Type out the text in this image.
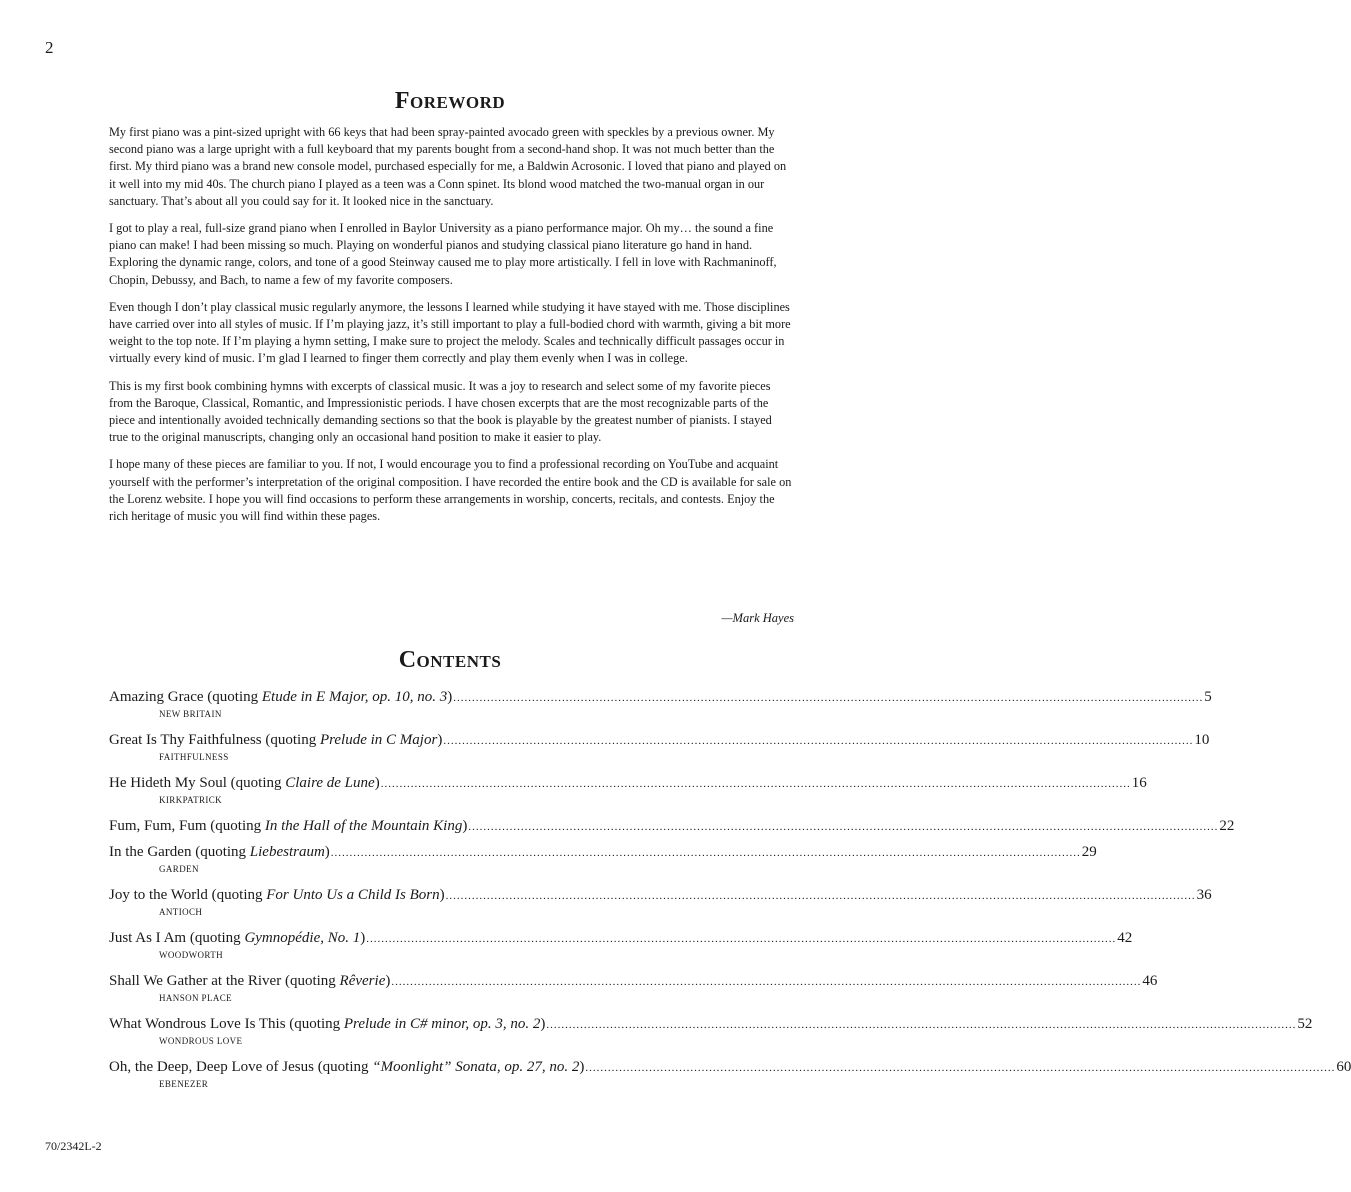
2
Foreword

My first piano was a pint-sized upright with 66 keys that had been spray-painted avocado green with speckles by a previous owner. My second piano was a large upright with a full keyboard that my parents bought from a second-hand shop. It was not much better than the first. My third piano was a brand new console model, purchased especially for me, a Baldwin Acrosonic. I loved that piano and played on it well into my mid 40s. The church piano I played as a teen was a Conn spinet. Its blond wood matched the two-manual organ in our sanctuary. That’s about all you could say for it. It looked nice in the sanctuary.

I got to play a real, full-size grand piano when I enrolled in Baylor University as a piano performance major. Oh my… the sound a fine piano can make! I had been missing so much. Playing on wonderful pianos and studying classical piano literature go hand in hand. Exploring the dynamic range, colors, and tone of a good Steinway caused me to play more artistically. I fell in love with Rachmaninoff, Chopin, Debussy, and Bach, to name a few of my favorite composers.

Even though I don’t play classical music regularly anymore, the lessons I learned while studying it have stayed with me. Those disciplines have carried over into all styles of music. If I’m playing jazz, it’s still important to play a full-bodied chord with warmth, giving a bit more weight to the top note. If I’m playing a hymn setting, I make sure to project the melody. Scales and technically difficult passages occur in virtually every kind of music. I’m glad I learned to finger them correctly and play them evenly when I was in college.

This is my first book combining hymns with excerpts of classical music. It was a joy to research and select some of my favorite pieces from the Baroque, Classical, Romantic, and Impressionistic periods. I have chosen excerpts that are the most recognizable parts of the piece and intentionally avoided technically demanding sections so that the book is playable by the greatest number of pianists. I stayed true to the original manuscripts, changing only an occasional hand position to make it easier to play.

I hope many of these pieces are familiar to you. If not, I would encourage you to find a professional recording on YouTube and acquaint yourself with the performer’s interpretation of the original composition. I have recorded the entire book and the CD is available for sale on the Lorenz website. I hope you will find occasions to perform these arrangements in worship, concerts, recitals, and contests. Enjoy the rich heritage of music you will find within these pages.

—Mark Hayes
Contents
Amazing Grace (quoting Etude in E Major, op. 10, no. 3) ........................................................................................................................................................................................................ 5
NEW BRITAIN
Great Is Thy Faithfulness (quoting Prelude in C Major) ........................................................................................................................................................................................................ 10
FAITHFULNESS
He Hideth My Soul (quoting Claire de Lune) ........................................................................................................................................................................................................ 16
KIRKPATRICK
Fum, Fum, Fum (quoting In the Hall of the Mountain King) ........................................................................................................................................................................................................ 22
In the Garden (quoting Liebestraum) ........................................................................................................................................................................................................ 29
GARDEN
Joy to the World (quoting For Unto Us a Child Is Born) ........................................................................................................................................................................................................ 36
ANTIOCH
Just As I Am (quoting Gymnopédie, No. 1) ........................................................................................................................................................................................................ 42
WOODWORTH
Shall We Gather at the River (quoting Rêverie) ........................................................................................................................................................................................................ 46
HANSON PLACE
What Wondrous Love Is This (quoting Prelude in C# minor, op. 3, no. 2) ........................................................................................................................................................................................................ 52
WONDROUS LOVE
Oh, the Deep, Deep Love of Jesus (quoting “Moonlight” Sonata, op. 27, no. 2) ........................................................................................................................................................................................................ 60
EBENEZER
70/2342L-2
